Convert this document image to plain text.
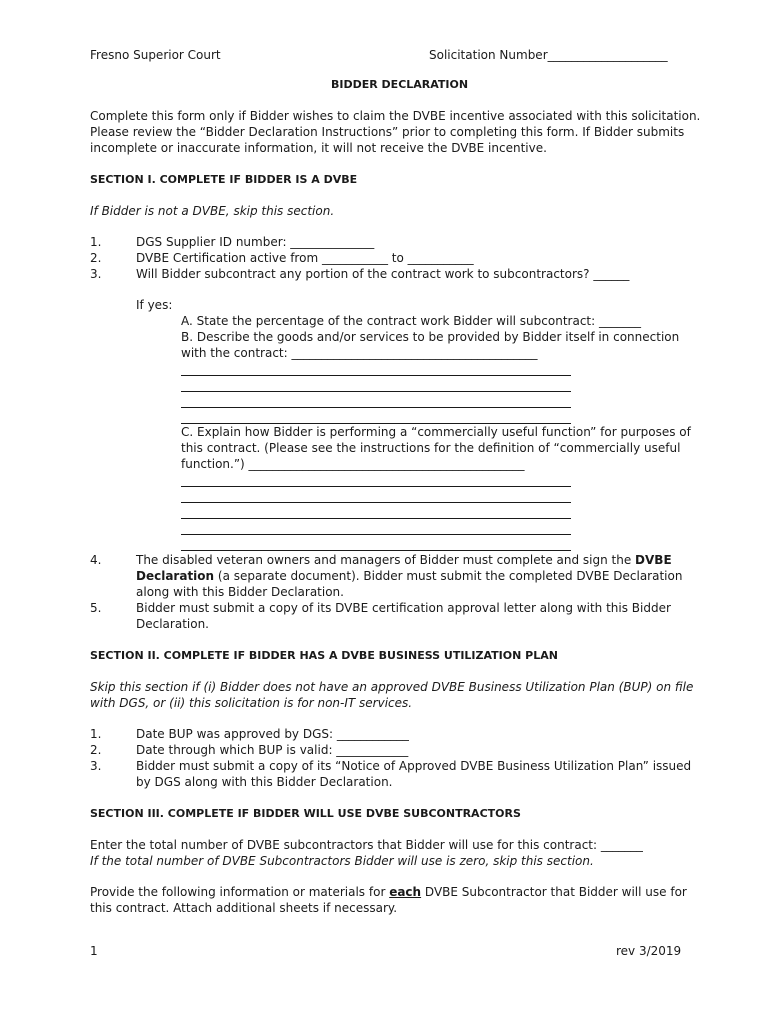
Fresno Superior Court	Solicitation Number____________________
BIDDER DECLARATION
Complete this form only if Bidder wishes to claim the DVBE incentive associated with this solicitation.
Please review the “Bidder Declaration Instructions” prior to completing this form. If Bidder submits
incomplete or inaccurate information, it will not receive the DVBE incentive.
SECTION I. COMPLETE IF BIDDER IS A DVBE
If Bidder is not a DVBE, skip this section.
1.	DGS Supplier ID number: ______________
2.	DVBE Certification active from ___________ to ___________
3.	Will Bidder subcontract any portion of the contract work to subcontractors? ______
If yes:
A. State the percentage of the contract work Bidder will subcontract: _______
B. Describe the goods and/or services to be provided by Bidder itself in connection
with the contract: _________________________________________
C. Explain how Bidder is performing a “commercially useful function” for purposes of
this contract. (Please see the instructions for the definition of “commercially useful
function.”) ______________________________________________
4.	The disabled veteran owners and managers of Bidder must complete and sign the DVBE
Declaration (a separate document). Bidder must submit the completed DVBE Declaration
along with this Bidder Declaration.
5.	Bidder must submit a copy of its DVBE certification approval letter along with this Bidder
Declaration.
SECTION II. COMPLETE IF BIDDER HAS A DVBE BUSINESS UTILIZATION PLAN
Skip this section if (i) Bidder does not have an approved DVBE Business Utilization Plan (BUP) on file
with DGS, or (ii) this solicitation is for non-IT services.
1.	Date BUP was approved by DGS: ____________
2.	Date through which BUP is valid: ____________
3.	Bidder must submit a copy of its “Notice of Approved DVBE Business Utilization Plan” issued
by DGS along with this Bidder Declaration.
SECTION III. COMPLETE IF BIDDER WILL USE DVBE SUBCONTRACTORS
Enter the total number of DVBE subcontractors that Bidder will use for this contract: _______
If the total number of DVBE Subcontractors Bidder will use is zero, skip this section.
Provide the following information or materials for each DVBE Subcontractor that Bidder will use for
this contract. Attach additional sheets if necessary.
1	rev 3/2019
